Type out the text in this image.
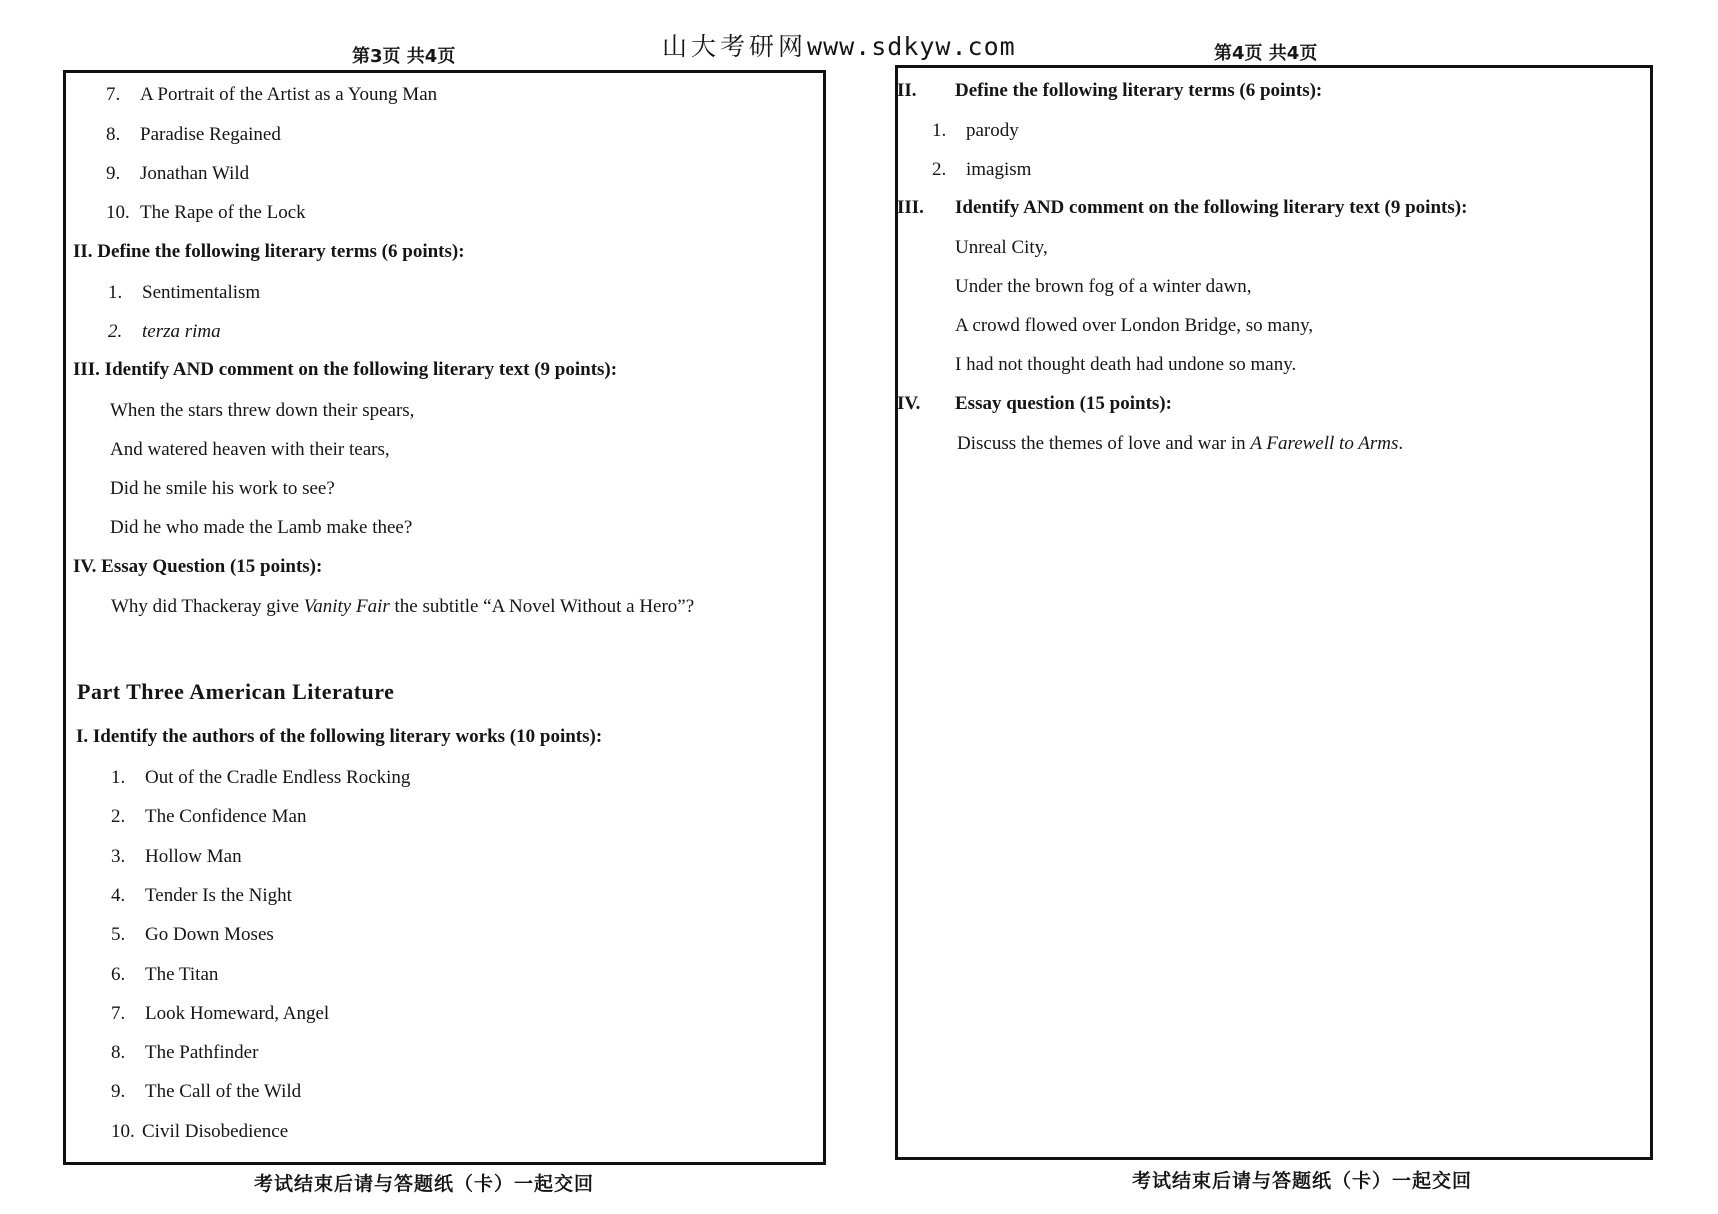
第3页 共4页	山大考研网www.sdkyw.com	第4页 共4页
7. A Portrait of the Artist as a Young Man
8. Paradise Regained
9. Jonathan Wild
10. The Rape of the Lock
II. Define the following literary terms (6 points):
1. Sentimentalism
2. terza rima
III. Identify AND comment on the following literary text (9 points):
When the stars threw down their spears,
And watered heaven with their tears,
Did he smile his work to see?
Did he who made the Lamb make thee?
IV. Essay Question (15 points):
Why did Thackeray give Vanity Fair the subtitle “A Novel Without a Hero”?
Part Three American Literature
I. Identify the authors of the following literary works (10 points):
1. Out of the Cradle Endless Rocking
2. The Confidence Man
3. Hollow Man
4. Tender Is the Night
5. Go Down Moses
6. The Titan
7. Look Homeward, Angel
8. The Pathfinder
9. The Call of the Wild
10. Civil Disobedience
考试结束后请与答题纸（卡）一起交回
II. Define the following literary terms (6 points):
1. parody
2. imagism
III. Identify AND comment on the following literary text (9 points):
Unreal City,
Under the brown fog of a winter dawn,
A crowd flowed over London Bridge, so many,
I had not thought death had undone so many.
IV. Essay question (15 points):
Discuss the themes of love and war in A Farewell to Arms.
考试结束后请与答题纸（卡）一起交回
